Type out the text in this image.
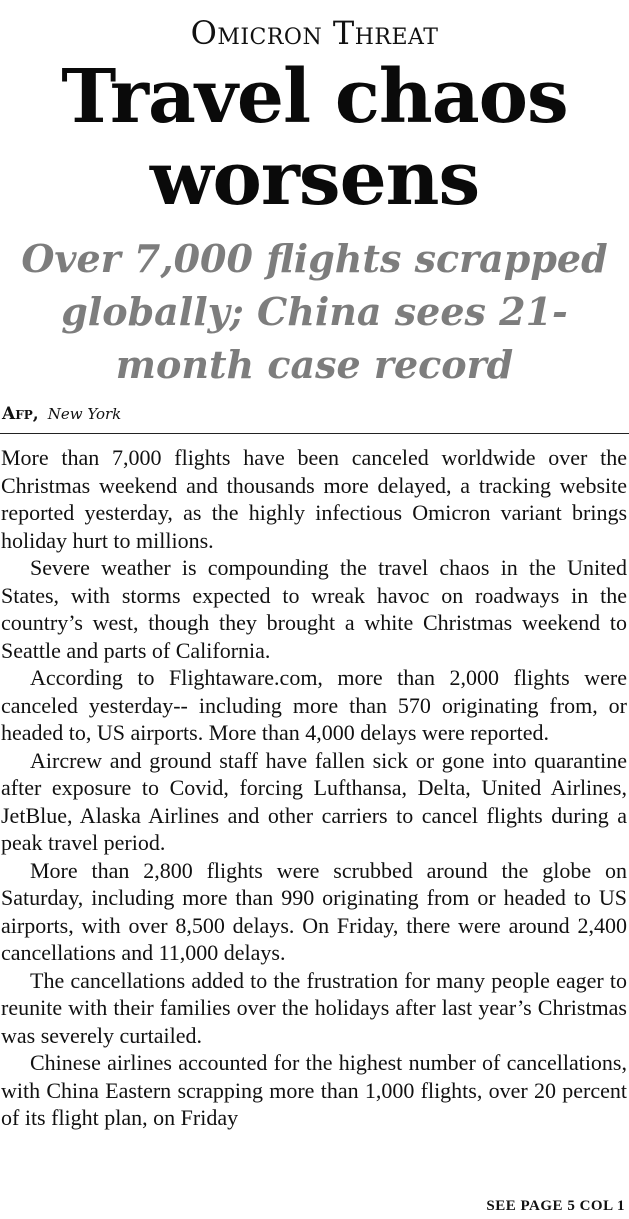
Omicron Threat
Travel chaos worsens
Over 7,000 flights scrapped globally; China sees 21-month case record
Afp, New York

More than 7,000 flights have been canceled worldwide over the Christmas weekend and thousands more delayed, a tracking website reported yesterday, as the highly infectious Omicron variant brings holiday hurt to millions.

Severe weather is compounding the travel chaos in the United States, with storms expected to wreak havoc on roadways in the country’s west, though they brought a white Christmas weekend to Seattle and parts of California.

According to Flightaware.com, more than 2,000 flights were canceled yesterday-- including more than 570 originating from, or headed to, US airports. More than 4,000 delays were reported.

Aircrew and ground staff have fallen sick or gone into quarantine after exposure to Covid, forcing Lufthansa, Delta, United Airlines, JetBlue, Alaska Airlines and other carriers to cancel flights during a peak travel period.

More than 2,800 flights were scrubbed around the globe on Saturday, including more than 990 originating from or headed to US airports, with over 8,500 delays. On Friday, there were around 2,400 cancellations and 11,000 delays.

The cancellations added to the frustration for many people eager to reunite with their families over the holidays after last year’s Christmas was severely curtailed.

Chinese airlines accounted for the highest number of cancellations, with China Eastern scrapping more than 1,000 flights, over 20 percent of its flight plan, on Friday

SEE PAGE 5 COL 1
